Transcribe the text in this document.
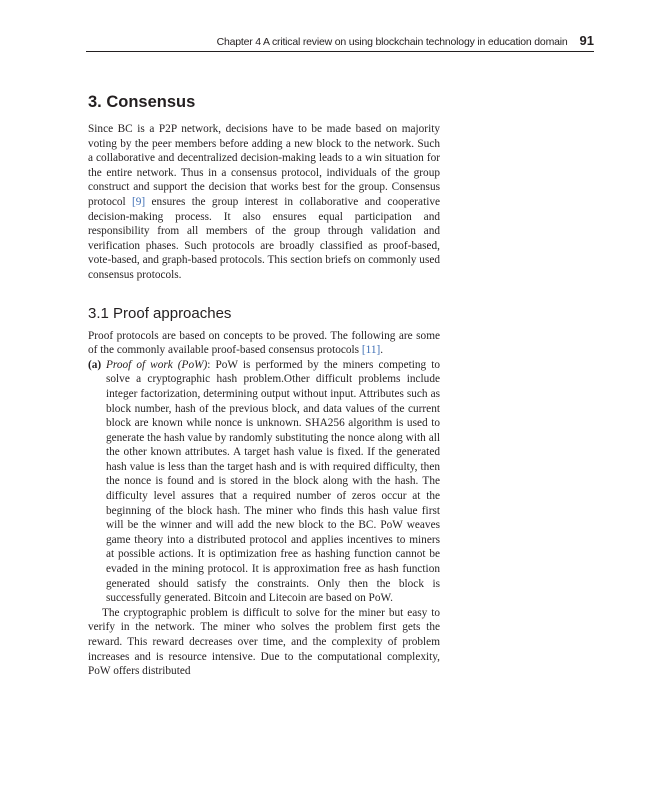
Chapter 4 A critical review on using blockchain technology in education domain 91
3. Consensus

Since BC is a P2P network, decisions have to be made based on majority voting by the peer members before adding a new block to the network. Such a collaborative and decentralized decision-making leads to a win situation for the entire network. Thus in a consensus protocol, individuals of the group construct and support the decision that works best for the group. Consensus protocol [9] ensures the group interest in collaborative and cooperative decision-making process. It also ensures equal participation and responsibility from all members of the group through validation and verification phases. Such protocols are broadly classified as proof-based, vote-based, and graph-based protocols. This section briefs on commonly used consensus protocols.

3.1 Proof approaches

Proof protocols are based on concepts to be proved. The following are some of the commonly available proof-based consensus protocols [11].

(a) Proof of work (PoW): PoW is performed by the miners competing to solve a cryptographic hash problem.Other difficult problems include integer factorization, determining output without input. Attributes such as block number, hash of the previous block, and data values of the current block are known while nonce is unknown. SHA256 algorithm is used to generate the hash value by randomly substituting the nonce along with all the other known attributes. A target hash value is fixed. If the generated hash value is less than the target hash and is with required difficulty, then the nonce is found and is stored in the block along with the hash. The difficulty level assures that a required number of zeros occur at the beginning of the block hash. The miner who finds this hash value first will be the winner and will add the new block to the BC. PoW weaves game theory into a distributed protocol and applies incentives to miners at possible actions. It is optimization free as hashing function cannot be evaded in the mining protocol. It is approximation free as hash function generated should satisfy the constraints. Only then the block is successfully generated. Bitcoin and Litecoin are based on PoW.

The cryptographic problem is difficult to solve for the miner but easy to verify in the network. The miner who solves the problem first gets the reward. This reward decreases over time, and the complexity of problem increases and is resource intensive. Due to the computational complexity, PoW offers distributed
